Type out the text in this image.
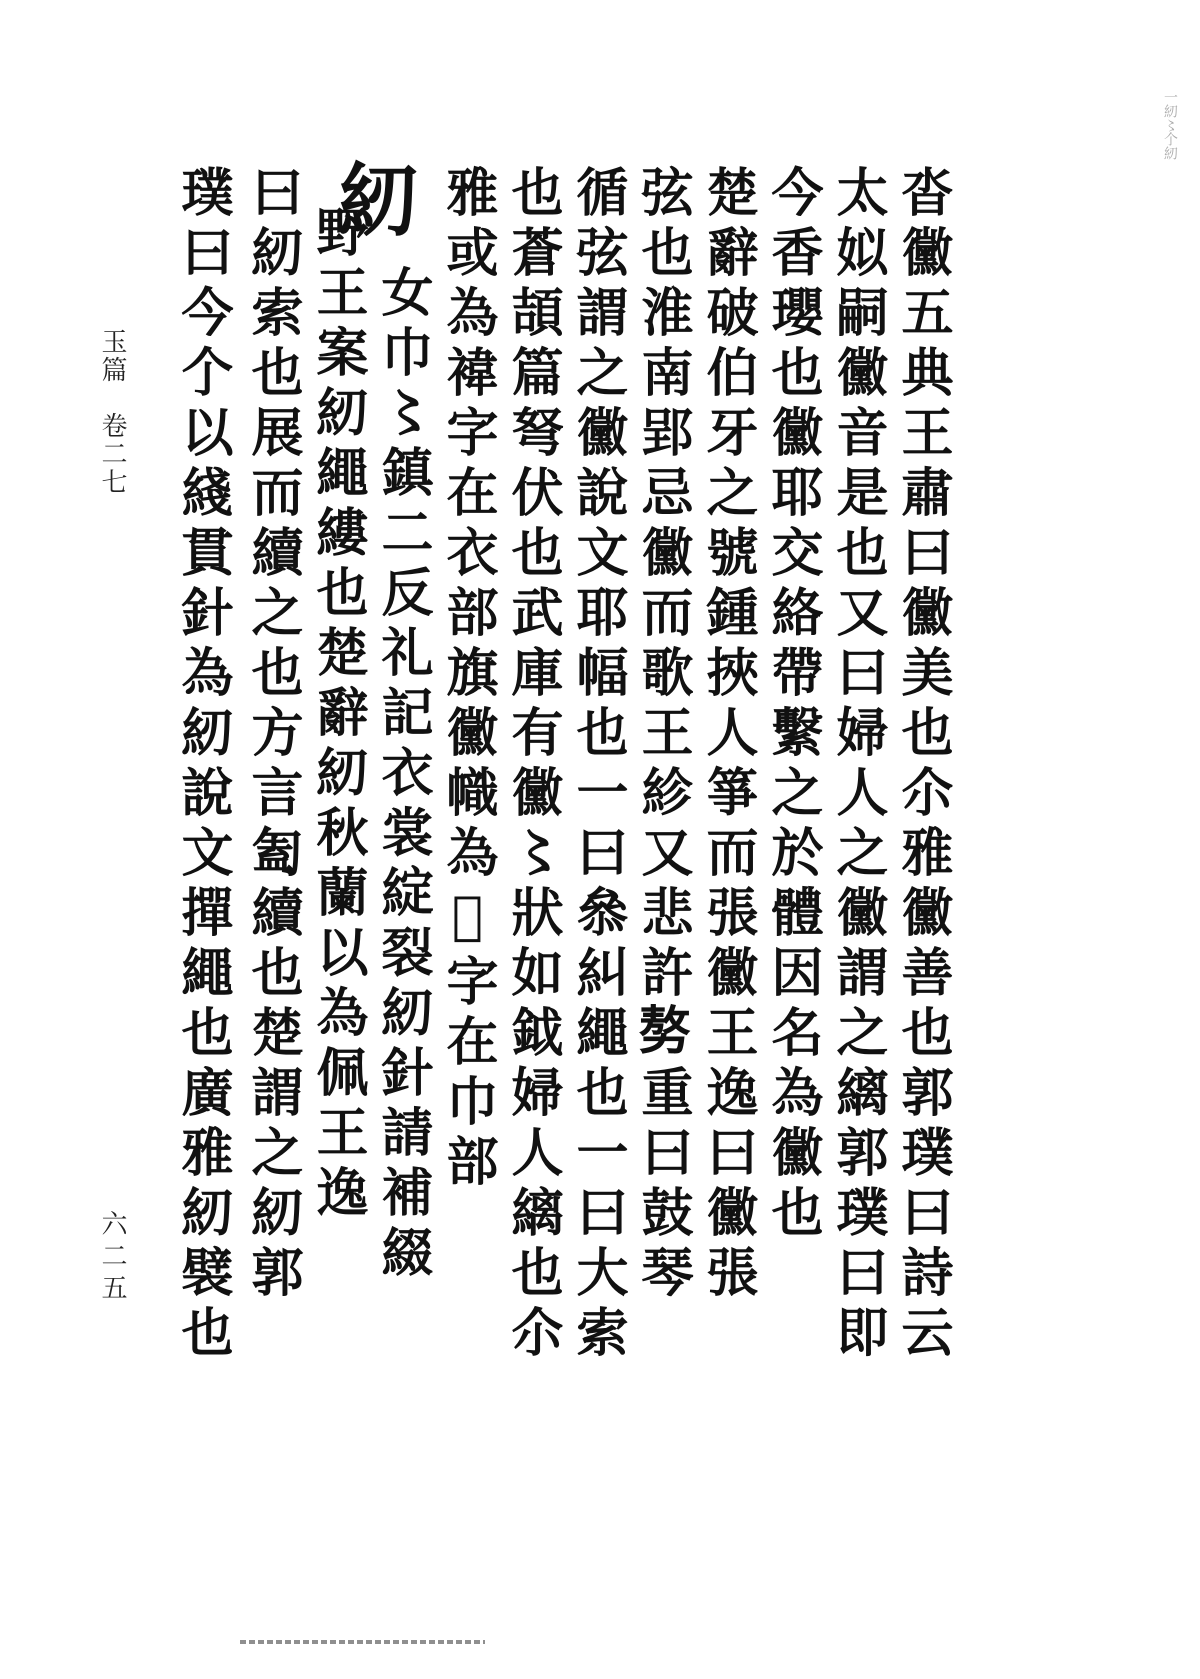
沓黴五典王肅曰黴美也尒雅黴善也郭璞曰詩云
太姒嗣黴音是也又曰婦人之黴謂之縭郭璞曰即
今香瓔也黴耶交絡帶繫之於體因名為黴也
楚辭破伯牙之號鍾挾人箏而張黴王逸曰黴張
弦也淮南郢忌黴而歌王紾又悲許𠢕重曰鼓琴
循弦謂之黴說文耶幅也一曰叅糾繩也一曰大索
也蒼頡篇弩伏也武庫有黴〻狀如鉞婦人縭也尒
雅或為褘字在衣部旗黴幟為𢢾字在巾部
紉
女巾〻鎮二反礼記衣裳綻裂紉針請補綴
野王案紉繩縷也楚辭紉秋蘭以為佩王逸
曰紉索也展而續之也方言㔩續也楚謂之紉郭
璞曰今𠆤以綫貫針為紉說文撣繩也廣雅紉襞也
玉篇　卷二七
六二五
一紉〻𠆤紉
